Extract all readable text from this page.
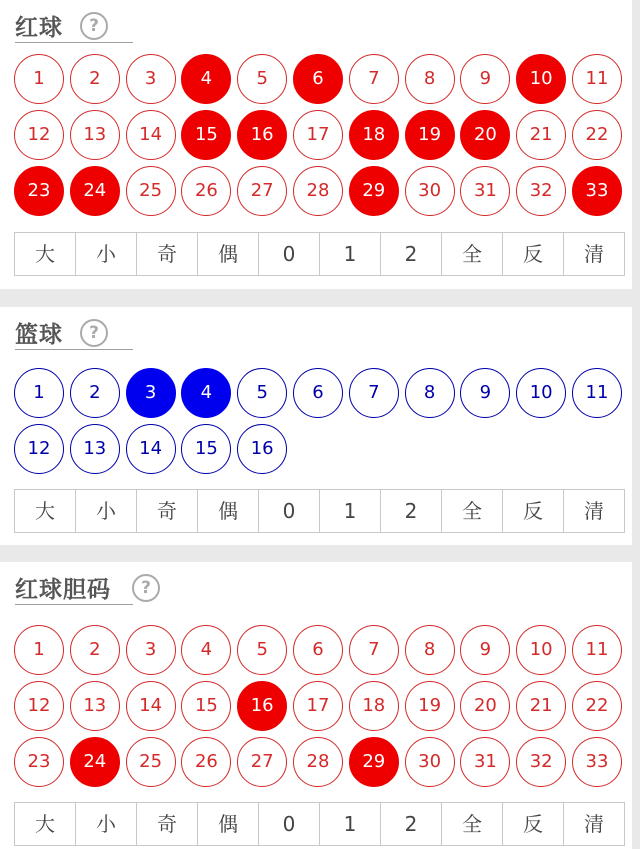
红球	?
1	2	3	4	5	6	7	8	9	10	11
12	13	14	15	16	17	18	19	20	21	22
23	24	25	26	27	28	29	30	31	32	33
大	小	奇	偶	0	1	2	全	反	清
篮球	?
1	2	3	4	5	6	7	8	9	10	11
12	13	14	15	16
大	小	奇	偶	0	1	2	全	反	清
红球胆码	?
1	2	3	4	5	6	7	8	9	10	11
12	13	14	15	16	17	18	19	20	21	22
23	24	25	26	27	28	29	30	31	32	33
大	小	奇	偶	0	1	2	全	反	清
